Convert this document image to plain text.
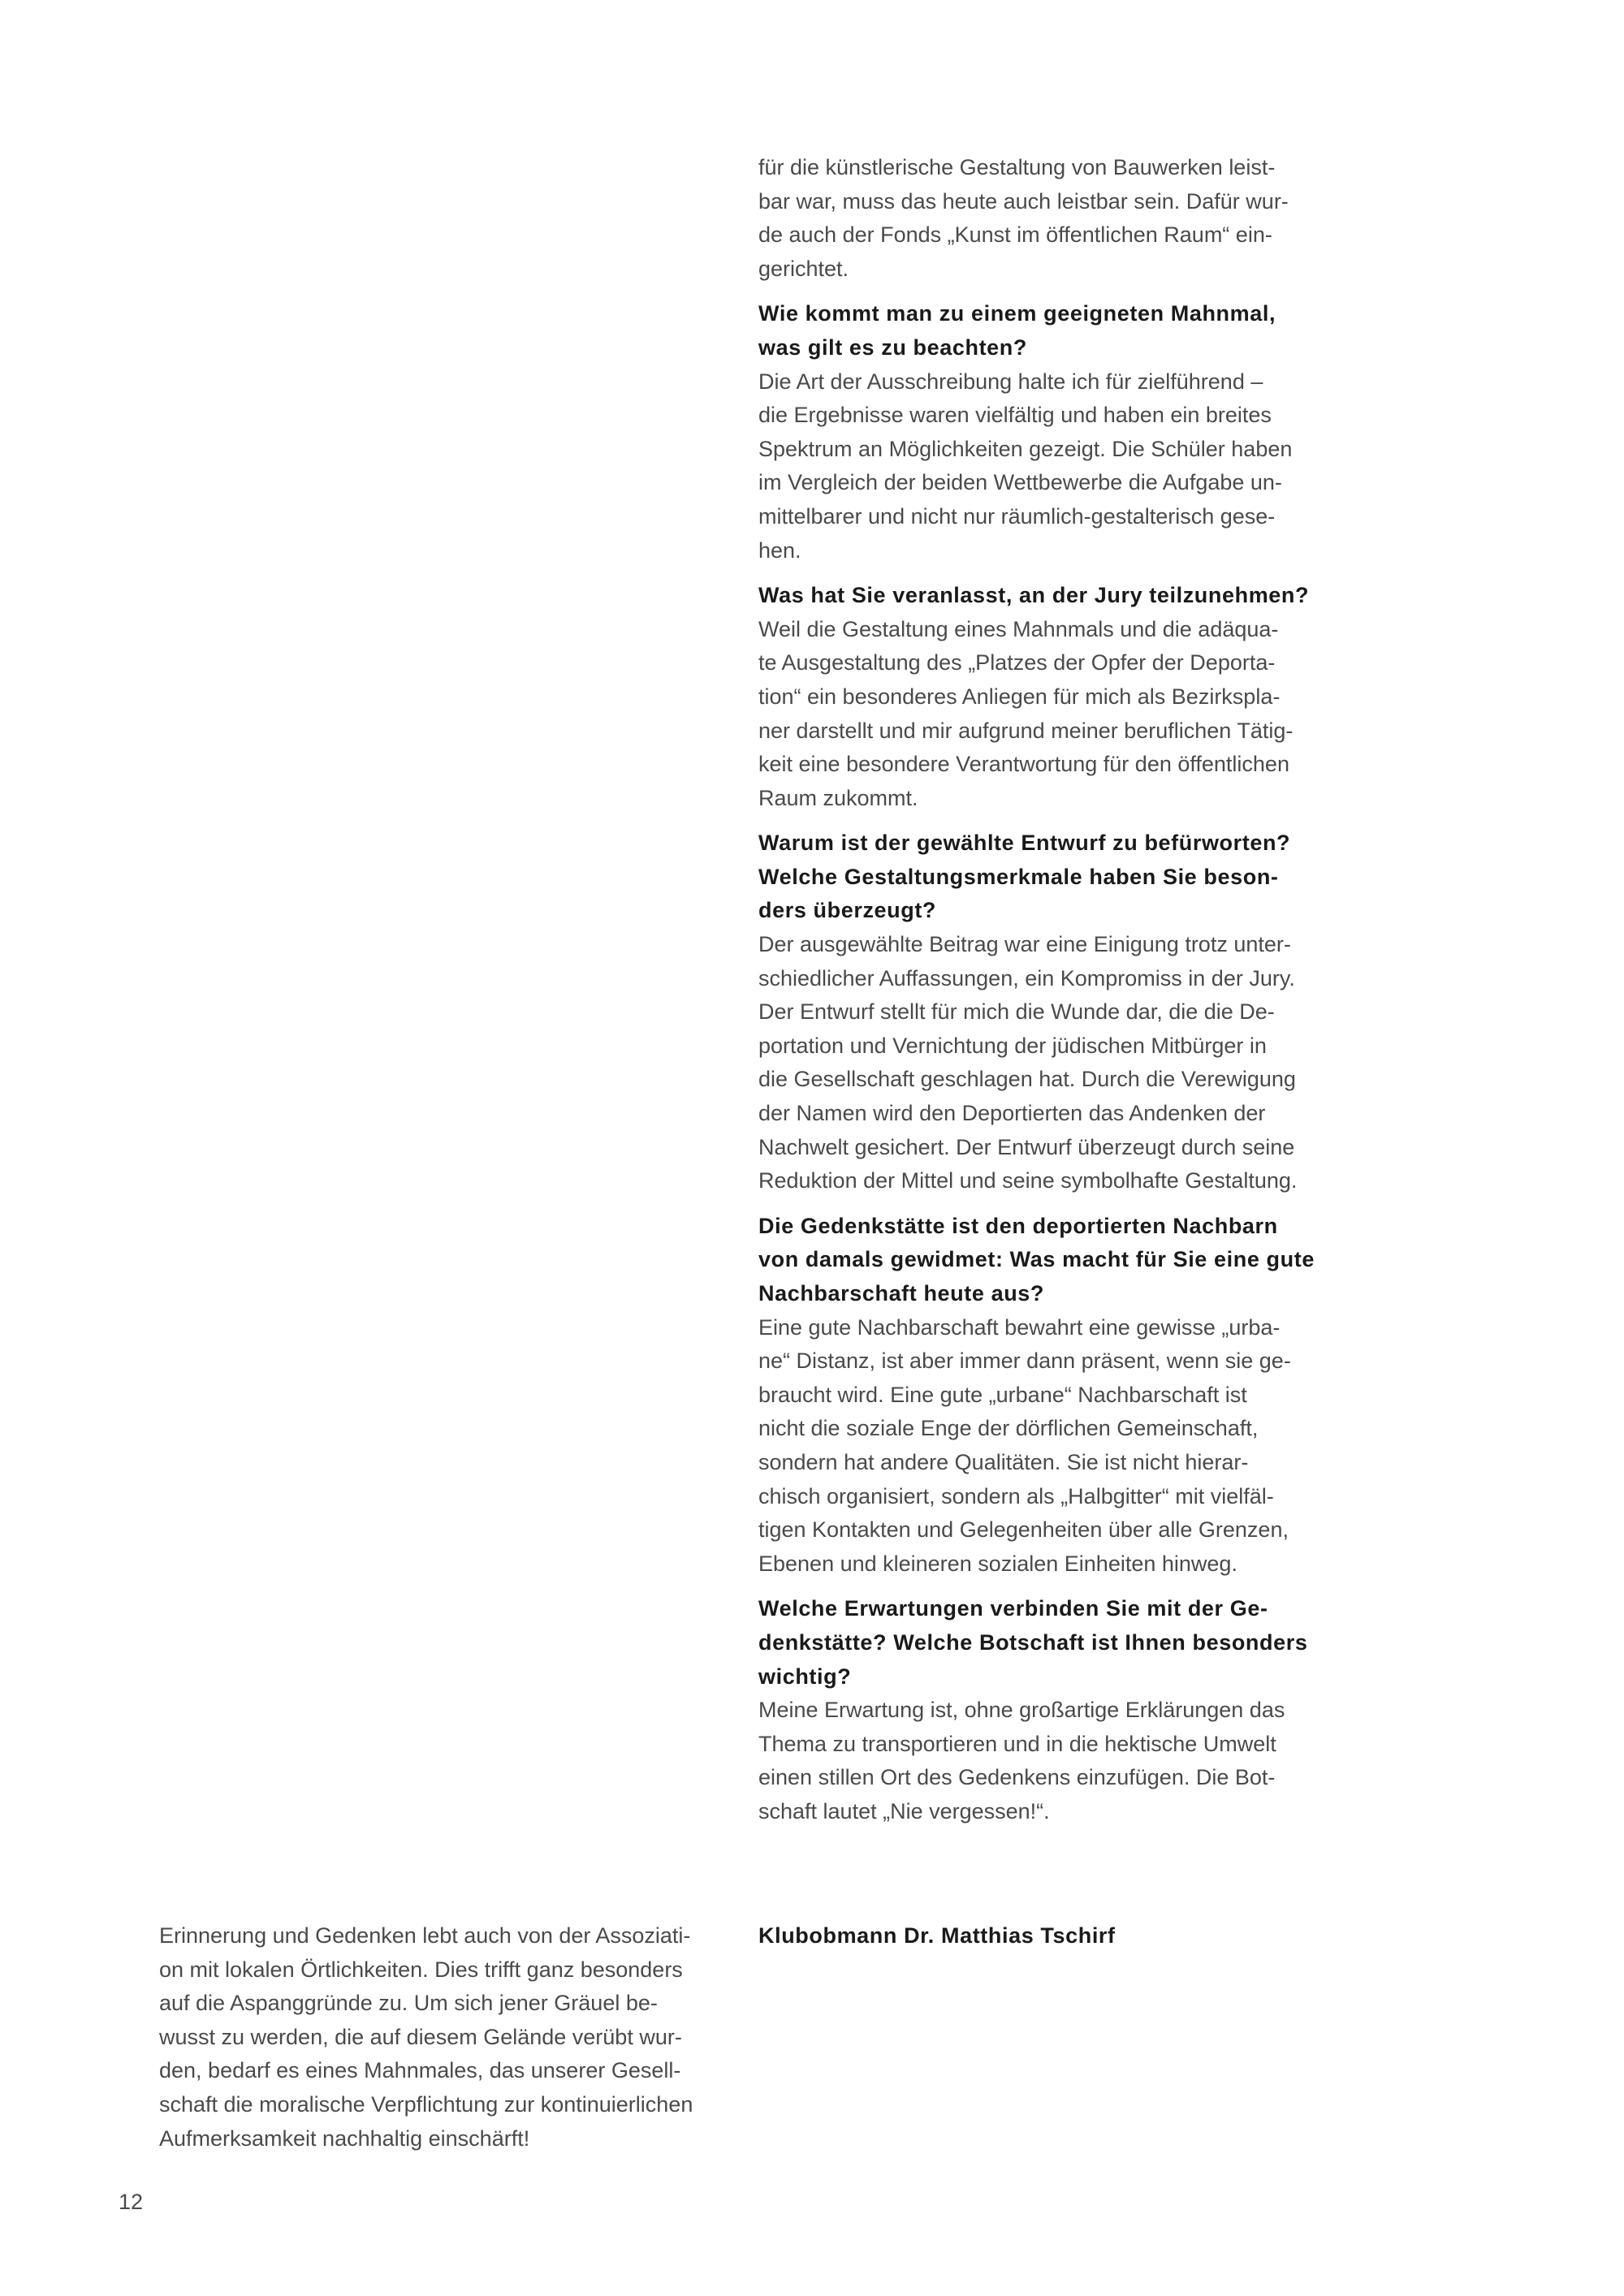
für die künstlerische Gestaltung von Bauwerken leist-
bar war, muss das heute auch leistbar sein. Dafür wur-
de auch der Fonds „Kunst im öffentlichen Raum“ ein-
gerichtet.
Wie kommt man zu einem geeigneten Mahnmal,
was gilt es zu beachten?
Die Art der Ausschreibung halte ich für zielführend –
die Ergebnisse waren vielfältig und haben ein breites
Spektrum an Möglichkeiten gezeigt. Die Schüler haben
im Vergleich der beiden Wettbewerbe die Aufgabe un-
mittelbarer und nicht nur räumlich-gestalterisch gese-
hen.
Was hat Sie veranlasst, an der Jury teilzunehmen?
Weil die Gestaltung eines Mahnmals und die adäqua-
te Ausgestaltung des „Platzes der Opfer der Deporta-
tion“ ein besonderes Anliegen für mich als Bezirkspla-
ner darstellt und mir aufgrund meiner beruflichen Tätig-
keit eine besondere Verantwortung für den öffentlichen
Raum zukommt.
Warum ist der gewählte Entwurf zu befürworten?
Welche Gestaltungsmerkmale haben Sie beson-
ders überzeugt?
Der ausgewählte Beitrag war eine Einigung trotz unter-
schiedlicher Auffassungen, ein Kompromiss in der Jury.
Der Entwurf stellt für mich die Wunde dar, die die De-
portation und Vernichtung der jüdischen Mitbürger in
die Gesellschaft geschlagen hat. Durch die Verewigung
der Namen wird den Deportierten das Andenken der
Nachwelt gesichert. Der Entwurf überzeugt durch seine
Reduktion der Mittel und seine symbolhafte Gestaltung.
Die Gedenkstätte ist den deportierten Nachbarn
von damals gewidmet: Was macht für Sie eine gute
Nachbarschaft heute aus?
Eine gute Nachbarschaft bewahrt eine gewisse „urba-
ne“ Distanz, ist aber immer dann präsent, wenn sie ge-
braucht wird. Eine gute „urbane“ Nachbarschaft ist
nicht die soziale Enge der dörflichen Gemeinschaft,
sondern hat andere Qualitäten. Sie ist nicht hierar-
chisch organisiert, sondern als „Halbgitter“ mit vielfäl-
tigen Kontakten und Gelegenheiten über alle Grenzen,
Ebenen und kleineren sozialen Einheiten hinweg.
Welche Erwartungen verbinden Sie mit der Ge-
denkstätte? Welche Botschaft ist Ihnen besonders
wichtig?
Meine Erwartung ist, ohne großartige Erklärungen das
Thema zu transportieren und in die hektische Umwelt
einen stillen Ort des Gedenkens einzufügen. Die Bot-
schaft lautet „Nie vergessen!“.
Erinnerung und Gedenken lebt auch von der Assoziati-
on mit lokalen Örtlichkeiten. Dies trifft ganz besonders
auf die Aspanggründe zu. Um sich jener Gräuel be-
wusst zu werden, die auf diesem Gelände verübt wur-
den, bedarf es eines Mahnmales, das unserer Gesell-
schaft die moralische Verpflichtung zur kontinuierlichen
Aufmerksamkeit nachhaltig einschärft!
Klubobmann Dr. Matthias Tschirf
12
